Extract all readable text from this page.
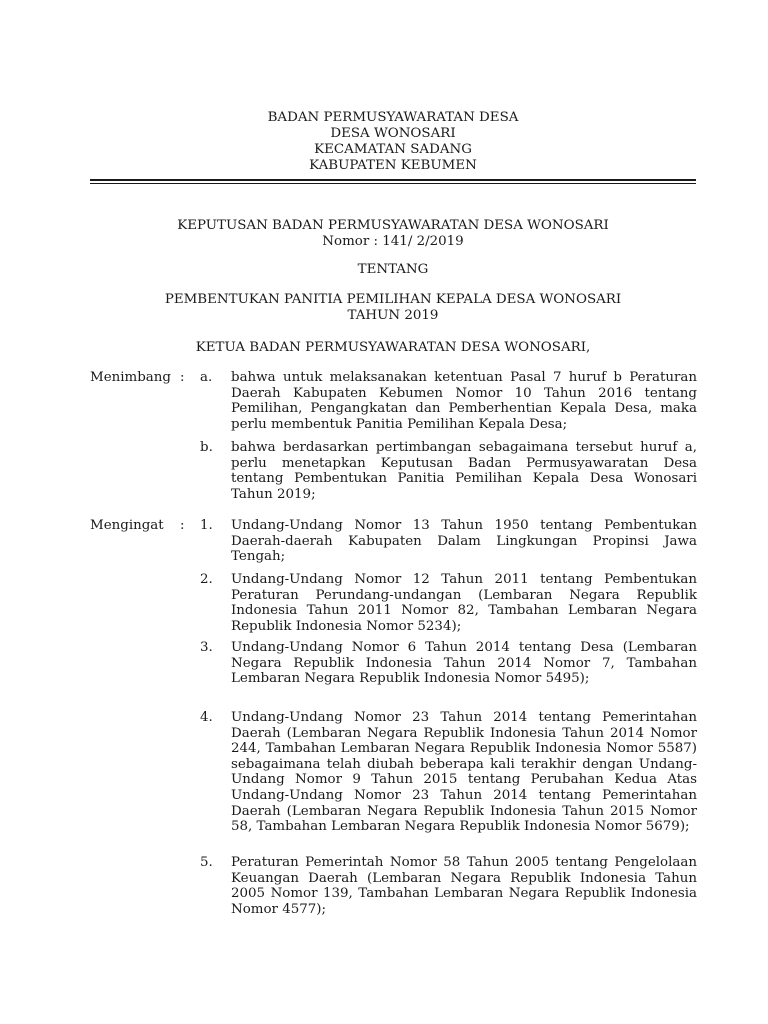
BADAN PERMUSYAWARATAN DESA
DESA WONOSARI
KECAMATAN SADANG
KABUPATEN KEBUMEN
KEPUTUSAN BADAN PERMUSYAWARATAN DESA WONOSARI
Nomor : 141/ 2/2019
TENTANG
PEMBENTUKAN PANITIA PEMILIHAN KEPALA DESA WONOSARI
TAHUN 2019
KETUA BADAN PERMUSYAWARATAN DESA WONOSARI,
Menimbang : a.	bahwa untuk melaksanakan ketentuan Pasal 7 huruf b Peraturan Daerah Kabupaten Kebumen Nomor 10 Tahun 2016 tentang Pemilihan, Pengangkatan dan Pemberhentian Kepala Desa, maka perlu membentuk Panitia Pemilihan Kepala Desa;
b.	bahwa berdasarkan pertimbangan sebagaimana tersebut huruf a, perlu menetapkan Keputusan Badan Permusyawaratan Desa tentang Pembentukan Panitia Pemilihan Kepala Desa Wonosari Tahun 2019;
Mengingat	: 1.	Undang-Undang Nomor 13 Tahun 1950 tentang Pembentukan Daerah-daerah Kabupaten Dalam Lingkungan Propinsi Jawa Tengah;
2.	Undang-Undang Nomor 12 Tahun 2011 tentang Pembentukan Peraturan Perundang-undangan (Lembaran Negara Republik Indonesia Tahun 2011 Nomor 82, Tambahan Lembaran Negara Republik Indonesia Nomor 5234);
3.	Undang-Undang Nomor 6 Tahun 2014 tentang Desa (Lembaran Negara Republik Indonesia Tahun 2014 Nomor 7, Tambahan Lembaran Negara Republik Indonesia Nomor 5495);
4.	Undang-Undang Nomor 23 Tahun 2014 tentang Pemerintahan Daerah (Lembaran Negara Republik Indonesia Tahun 2014 Nomor 244, Tambahan Lembaran Negara Republik Indonesia Nomor 5587) sebagaimana telah diubah beberapa kali terakhir dengan Undang-Undang Nomor 9 Tahun 2015 tentang Perubahan Kedua Atas Undang-Undang Nomor 23 Tahun 2014 tentang Pemerintahan Daerah (Lembaran Negara Republik Indonesia Tahun 2015 Nomor 58, Tambahan Lembaran Negara Republik Indonesia Nomor 5679);
5.	Peraturan Pemerintah Nomor 58 Tahun 2005 tentang Pengelolaan Keuangan Daerah (Lembaran Negara Republik Indonesia Tahun 2005 Nomor 139, Tambahan Lembaran Negara Republik Indonesia Nomor 4577);
